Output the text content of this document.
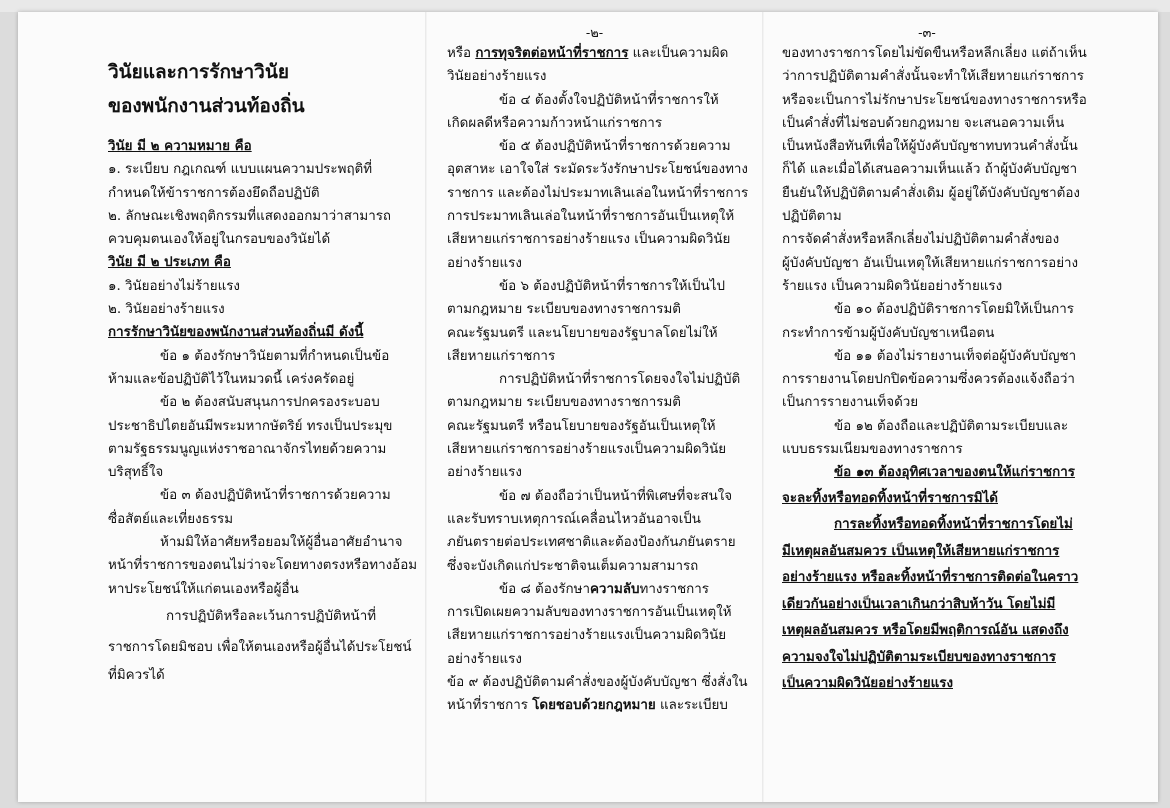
วินัยและการรักษาวินัย

ของพนักงานส่วนท้องถิ่น

วินัย มี ๒ ความหมาย คือ

๑. ระเบียบ กฎเกณฑ์ แบบแผนความประพฤติที่

กำหนดให้ข้าราชการต้องยึดถือปฏิบัติ

๒. ลักษณะเชิงพฤติกรรมที่แสดงออกมาว่าสามารถ

ควบคุมตนเองให้อยู่ในกรอบของวินัยได้

วินัย มี ๒ ประเภท คือ

๑. วินัยอย่างไม่ร้ายแรง

๒. วินัยอย่างร้ายแรง

การรักษาวินัยของพนักงานส่วนท้องถิ่นมี ดังนี้

ข้อ ๑ ต้องรักษาวินัยตามที่กำหนดเป็นข้อ

ห้ามและข้อปฏิบัติไว้ในหมวดนี้ เคร่งครัดอยู่

ข้อ ๒ ต้องสนับสนุนการปกครองระบอบ

ประชาธิปไตยอันมีพระมหากษัตริย์ ทรงเป็นประมุข

ตามรัฐธรรมนูญแห่งราชอาณาจักรไทยด้วยความ

บริสุทธิ์ใจ

ข้อ ๓ ต้องปฏิบัติหน้าที่ราชการด้วยความ

ซื่อสัตย์และเที่ยงธรรม

ห้ามมิให้อาศัยหรือยอมให้ผู้อื่นอาศัยอำนาจ

หน้าที่ราชการของตนไม่ว่าจะโดยทางตรงหรือทางอ้อม

หาประโยชน์ให้แก่ตนเองหรือผู้อื่น

การปฏิบัติหรือละเว้นการปฏิบัติหน้าที่

ราชการโดยมิชอบ เพื่อให้ตนเองหรือผู้อื่นได้ประโยชน์

ที่มิควรได้

-๒-

หรือ การทุจริตต่อหน้าที่ราชการ และเป็นความผิด

วินัยอย่างร้ายแรง

ข้อ ๔ ต้องตั้งใจปฏิบัติหน้าที่ราชการให้

เกิดผลดีหรือความก้าวหน้าแก่ราชการ

ข้อ ๕ ต้องปฏิบัติหน้าที่ราชการด้วยความ

อุตสาหะ เอาใจใส่ ระมัดระวังรักษาประโยชน์ของทาง

ราชการ และต้องไม่ประมาทเลินเล่อในหน้าที่ราชการ

การประมาทเลินเล่อในหน้าที่ราชการอันเป็นเหตุให้

เสียหายแก่ราชการอย่างร้ายแรง เป็นความผิดวินัย

อย่างร้ายแรง

ข้อ ๖ ต้องปฏิบัติหน้าที่ราชการให้เป็นไป

ตามกฎหมาย ระเบียบของทางราชการมติ

คณะรัฐมนตรี และนโยบายของรัฐบาลโดยไม่ให้

เสียหายแก่ราชการ

การปฏิบัติหน้าที่ราชการโดยจงใจไม่ปฏิบัติ

ตามกฎหมาย ระเบียบของทางราชการมติ

คณะรัฐมนตรี หรือนโยบายของรัฐอันเป็นเหตุให้

เสียหายแก่ราชการอย่างร้ายแรงเป็นความผิดวินัย

อย่างร้ายแรง

ข้อ ๗ ต้องถือว่าเป็นหน้าที่พิเศษที่จะสนใจ

และรับทราบเหตุการณ์เคลื่อนไหวอันอาจเป็น

ภยันตรายต่อประเทศชาติและต้องป้องกันภยันตราย

ซึ่งจะบังเกิดแก่ประชาติจนเต็มความสามารถ

ข้อ ๘ ต้องรักษาความลับทางราชการ

การเปิดเผยความลับของทางราชการอันเป็นเหตุให้

เสียหายแก่ราชการอย่างร้ายแรงเป็นความผิดวินัย

อย่างร้ายแรง

ข้อ ๙ ต้องปฏิบัติตามคำสั่งของผู้บังคับบัญชา ซึ่งสั่งใน

หน้าที่ราชการ โดยชอบด้วยกฎหมาย และระเบียบ

-๓-

ของทางราชการโดยไม่ขัดขืนหรือหลีกเลี่ยง แต่ถ้าเห็น

ว่าการปฏิบัติตามคำสั่งนั้นจะทำให้เสียหายแก่ราชการ

หรือจะเป็นการไม่รักษาประโยชน์ของทางราชการหรือ

เป็นคำสั่งที่ไม่ชอบด้วยกฎหมาย จะเสนอความเห็น

เป็นหนังสือทันทีเพื่อให้ผู้บังคับบัญชาทบทวนคำสั่งนั้น

ก็ได้ และเมื่อได้เสนอความเห็นแล้ว ถ้าผู้บังคับบัญชา

ยืนยันให้ปฏิบัติตามคำสั่งเดิม ผู้อยู่ใต้บังคับบัญชาต้อง

ปฏิบัติตาม

การจัดคำสั่งหรือหลีกเลี่ยงไม่ปฏิบัติตามคำสั่งของ

ผู้บังคับบัญชา อันเป็นเหตุให้เสียหายแก่ราชการอย่าง

ร้ายแรง เป็นความผิดวินัยอย่างร้ายแรง

ข้อ ๑๐ ต้องปฏิบัติราชการโดยมิให้เป็นการ

กระทำการข้ามผู้บังคับบัญชาเหนือตน

ข้อ ๑๑ ต้องไม่รายงานเท็จต่อผู้บังคับบัญชา

การรายงานโดยปกปิดข้อความซึ่งควรต้องแจ้งถือว่า

เป็นการรายงานเท็จด้วย

ข้อ ๑๒ ต้องถือและปฏิบัติตามระเบียบและ

แบบธรรมเนียมของทางราชการ

ข้อ ๑๓ ต้องอุทิศเวลาของตนให้แก่ราชการ

จะละทิ้งหรือทอดทิ้งหน้าที่ราชการมิได้

การละทิ้งหรือทอดทิ้งหน้าที่ราชการโดยไม่

มีเหตุผลอันสมควร เป็นเหตุให้เสียหายแก่ราชการ

อย่างร้ายแรง หรือละทิ้งหน้าที่ราชการติดต่อในคราว

เดียวกันอย่างเป็นเวลาเกินกว่าสิบห้าวัน โดยไม่มี

เหตุผลอันสมควร หรือโดยมีพฤติการณ์อัน แสดงถึง

ความจงใจไม่ปฏิบัติตามระเบียบของทางราชการ

เป็นความผิดวินัยอย่างร้ายแรง
